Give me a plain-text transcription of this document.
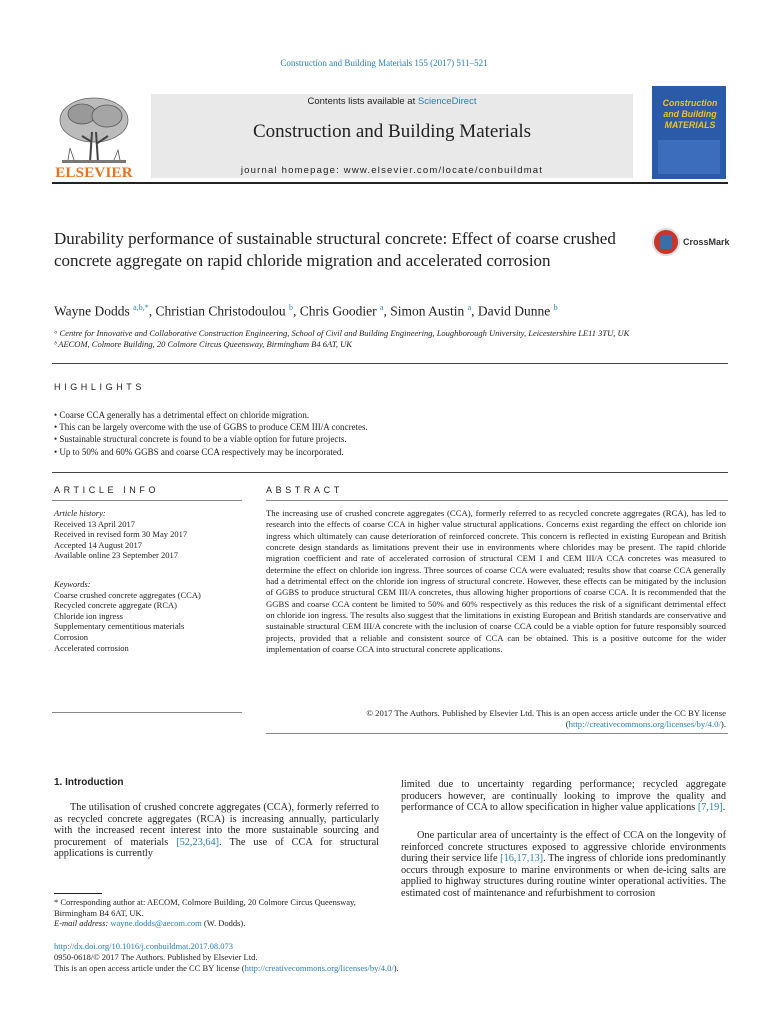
Construction and Building Materials 155 (2017) 511–521
Contents lists available at ScienceDirect
Construction and Building Materials
journal homepage: www.elsevier.com/locate/conbuildmat
ELSEVIER
Construction and Building MATERIALS
Durability performance of sustainable structural concrete: Effect of coarse crushed concrete aggregate on rapid chloride migration and accelerated corrosion
CrossMark
Wayne Dodds $^{a,b,*}$, Christian Christodoulou $^b$, Chris Goodier $^a$, Simon Austin $^a$, David Dunne $^b$
ᵃ Centre for Innovative and Collaborative Construction Engineering, School of Civil and Building Engineering, Loughborough University, Leicestershire LE11 3TU, UK
ᵇ AECOM, Colmore Building, 20 Colmore Circus Queensway, Birmingham B4 6AT, UK
HIGHLIGHTS
• Coarse CCA generally has a detrimental effect on chloride migration.
• This can be largely overcome with the use of GGBS to produce CEM III/A concretes.
• Sustainable structural concrete is found to be a viable option for future projects.
• Up to 50% and 60% GGBS and coarse CCA respectively may be incorporated.
ARTICLE INFO	ABSTRACT
Article history:
Received 13 April 2017
Received in revised form 30 May 2017
Accepted 14 August 2017
Available online 23 September 2017
Keywords:
Coarse crushed concrete aggregates (CCA)
Recycled concrete aggregate (RCA)
Chloride ion ingress
Supplementary cementitious materials
Corrosion
Accelerated corrosion
The increasing use of crushed concrete aggregates (CCA), formerly referred to as recycled concrete aggregates (RCA), has led to research into the effects of coarse CCA in higher value structural applications. Concerns exist regarding the effect on chloride ion ingress which ultimately can cause deterioration of reinforced concrete. This concern is reflected in existing European and British concrete design standards as limitations prevent their use in environments where chlorides may be present. The rapid chloride migration coefficient and rate of accelerated corrosion of structural CEM I and CEM III/A CCA concretes was measured to determine the effect on chloride ion ingress. Three sources of coarse CCA were evaluated; results show that coarse CCA generally had a detrimental effect on the chloride ion ingress of structural concrete. However, these effects can be mitigated by the inclusion of GGBS to produce structural CEM III/A concretes, thus allowing higher proportions of coarse CCA. It is recommended that the GGBS and coarse CCA content be limited to 50% and 60% respectively as this reduces the risk of a significant detrimental effect on chloride ion ingress. The results also suggest that the limitations in existing European and British standards are conservative and sustainable structural CEM III/A concrete with the inclusion of coarse CCA could be a viable option for future responsibly sourced projects, provided that a reliable and consistent source of CCA can be obtained. This is a positive outcome for the wider implementation of coarse CCA into structural concrete applications.
© 2017 The Authors. Published by Elsevier Ltd. This is an open access article under the CC BY license (http://creativecommons.org/licenses/by/4.0/).
1. Introduction
The utilisation of crushed concrete aggregates (CCA), formerly referred to as recycled concrete aggregates (RCA) is increasing annually, particularly with the increased recent interest into the more sustainable sourcing and procurement of materials [52,23,64]. The use of CCA for structural applications is currently
limited due to uncertainty regarding performance; recycled aggregate producers however, are continually looking to improve the quality and performance of CCA to allow specification in higher value applications [7,19].
One particular area of uncertainty is the effect of CCA on the longevity of reinforced concrete structures exposed to aggressive chloride environments during their service life [16,17,13]. The ingress of chloride ions predominantly occurs through exposure to marine environments or when de-icing salts are applied to highway structures during routine winter operational activities. The estimated cost of maintenance and refurbishment to corrosion
* Corresponding author at: AECOM, Colmore Building, 20 Colmore Circus Queensway, Birmingham B4 6AT, UK.
E-mail address: wayne.dodds@aecom.com (W. Dodds).
http://dx.doi.org/10.1016/j.conbuildmat.2017.08.073
0950-0618/© 2017 The Authors. Published by Elsevier Ltd.
This is an open access article under the CC BY license (http://creativecommons.org/licenses/by/4.0/).
